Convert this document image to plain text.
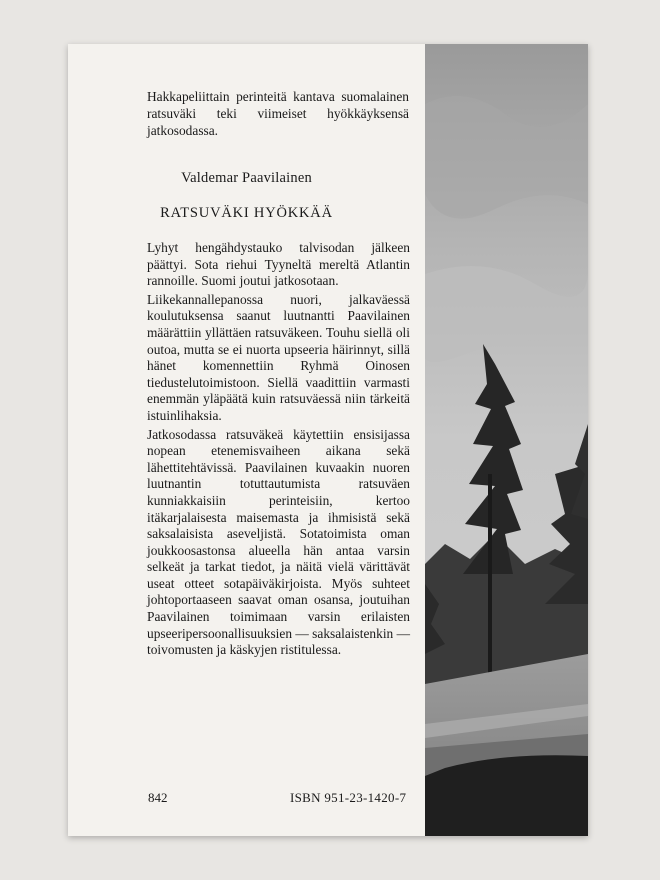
Hakkapeliittain perinteitä kantava suomalainen ratsuväki teki viimeiset hyökkäyksensä jatkosodassa.

Valdemar Paavilainen

RATSUVÄKI HYÖKKÄÄ

Lyhyt hengähdystauko talvisodan jälkeen päättyi. Sota riehui Tyyneltä mereltä Atlantin rannoille. Suomi joutui jatkosotaan.

Liikekannallepanossa nuori, jalkaväessä koulutuksensa saanut luutnantti Paavilainen määrättiin yllättäen ratsuväkeen. Touhu siellä oli outoa, mutta se ei nuorta upseeria häirinnyt, sillä hänet komennettiin Ryhmä Oinosen tiedustelutoimistoon. Siellä vaadittiin varmasti enemmän yläpäätä kuin ratsuväessä niin tärkeitä istuinlihaksia.

Jatkosodassa ratsuväkeä käytettiin ensisijassa nopean etenemisvaiheen aikana sekä lähettitehtävissä. Paavilainen kuvaakin nuoren luutnantin totuttautumista ratsuväen kunniakkaisiin perinteisiin, kertoo itäkarjalaisesta maisemasta ja ihmisistä sekä saksalaisista aseveljistä. Sotatoimista oman joukkoosastonsa alueella hän antaa varsin selkeät ja tarkat tiedot, ja näitä vielä värittävät useat otteet sotapäiväkirjoista. Myös suhteet johtoportaaseen saavat oman osansa, joutuihan Paavilainen toimimaan varsin erilaisten upseeripersoonallisuuksien — saksalaistenkin — toivomusten ja käskyjen ristitulessa.

842	ISBN 951-23-1420-7
